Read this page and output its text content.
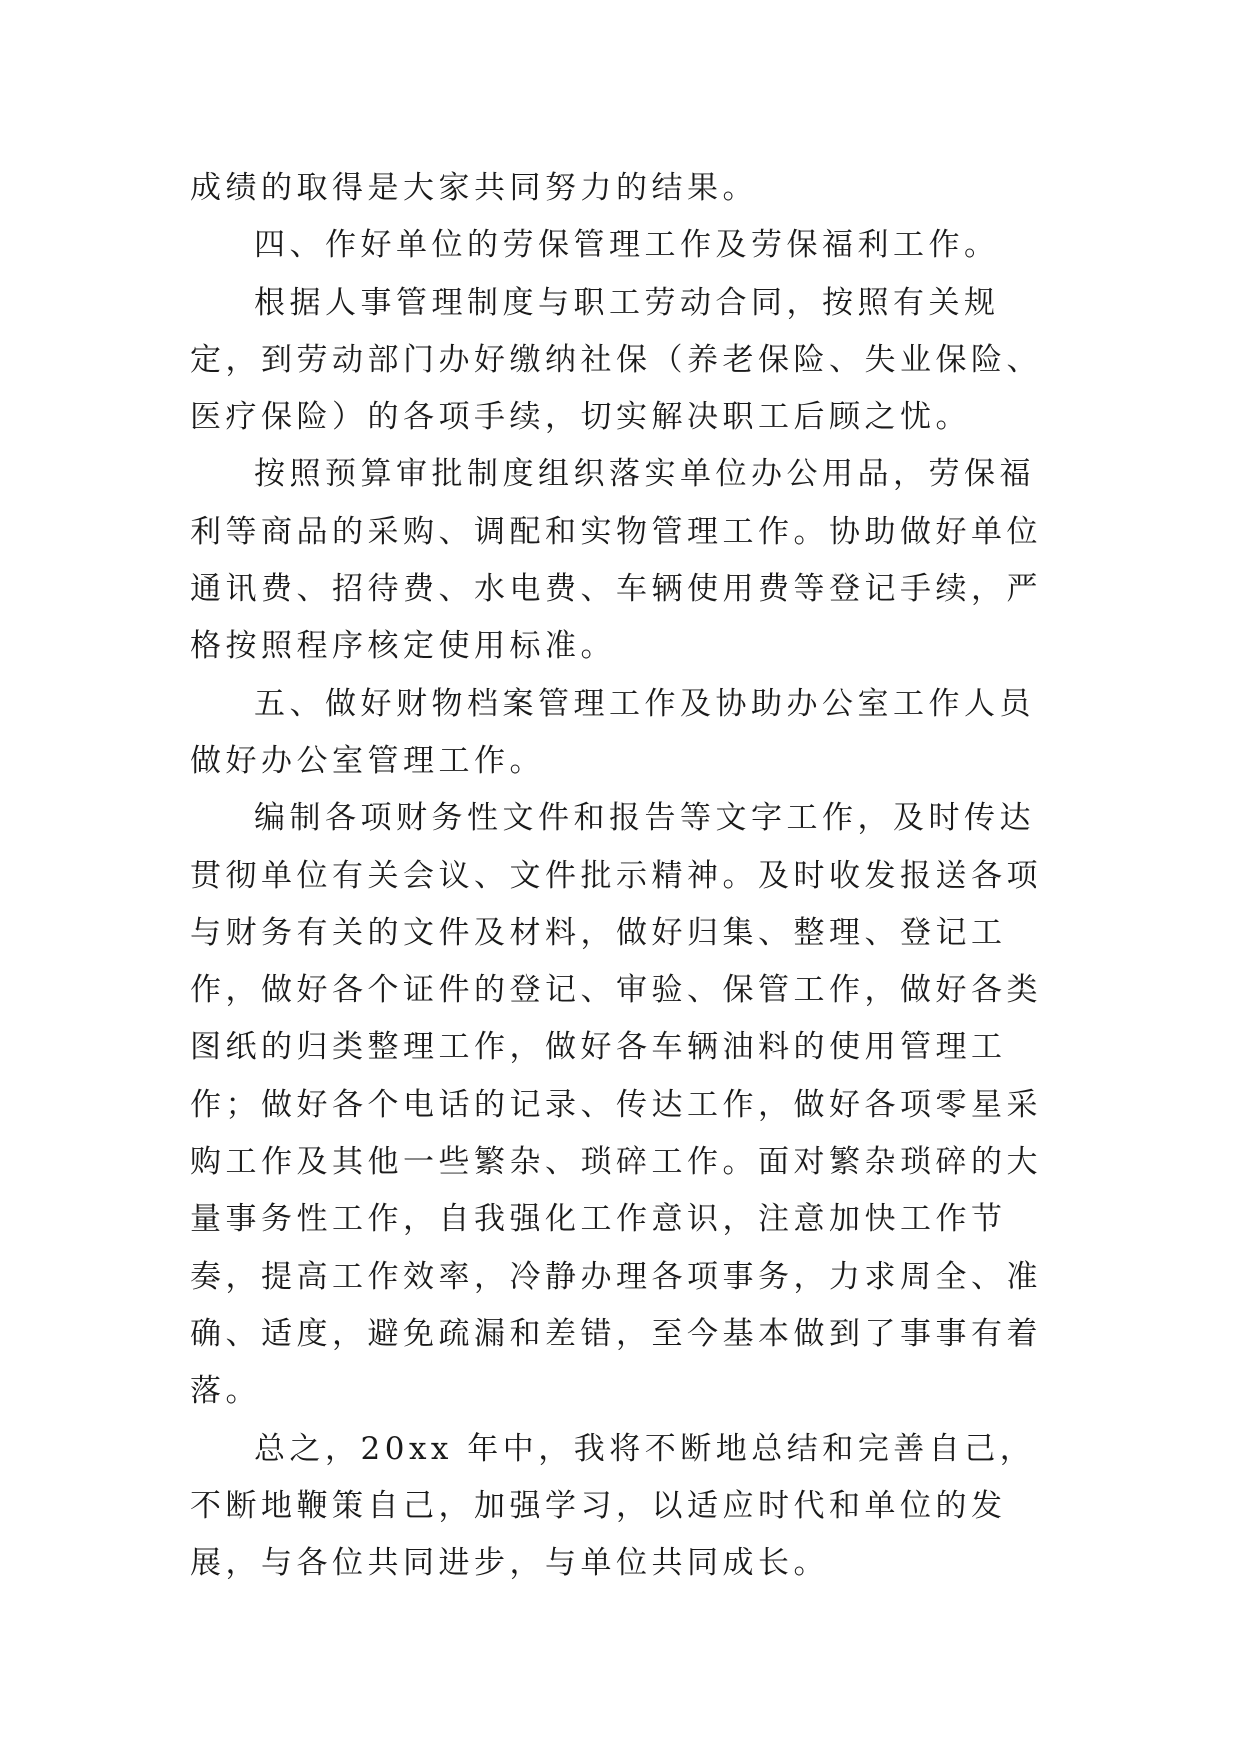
成绩的取得是大家共同努力的结果。

四、作好单位的劳保管理工作及劳保福利工作。

根据人事管理制度与职工劳动合同，按照有关规定，到劳动部门办好缴纳社保（养老保险、失业保险、医疗保险）的各项手续，切实解决职工后顾之忧。

按照预算审批制度组织落实单位办公用品，劳保福利等商品的采购、调配和实物管理工作。协助做好单位通讯费、招待费、水电费、车辆使用费等登记手续，严格按照程序核定使用标准。

五、做好财物档案管理工作及协助办公室工作人员做好办公室管理工作。

编制各项财务性文件和报告等文字工作，及时传达贯彻单位有关会议、文件批示精神。及时收发报送各项与财务有关的文件及材料，做好归集、整理、登记工作，做好各个证件的登记、审验、保管工作，做好各类图纸的归类整理工作，做好各车辆油料的使用管理工作；做好各个电话的记录、传达工作，做好各项零星采购工作及其他一些繁杂、琐碎工作。面对繁杂琐碎的大量事务性工作，自我强化工作意识，注意加快工作节奏，提高工作效率，冷静办理各项事务，力求周全、准确、适度，避免疏漏和差错，至今基本做到了事事有着落。

总之，20xx 年中，我将不断地总结和完善自己，不断地鞭策自己，加强学习，以适应时代和单位的发展，与各位共同进步，与单位共同成长。
